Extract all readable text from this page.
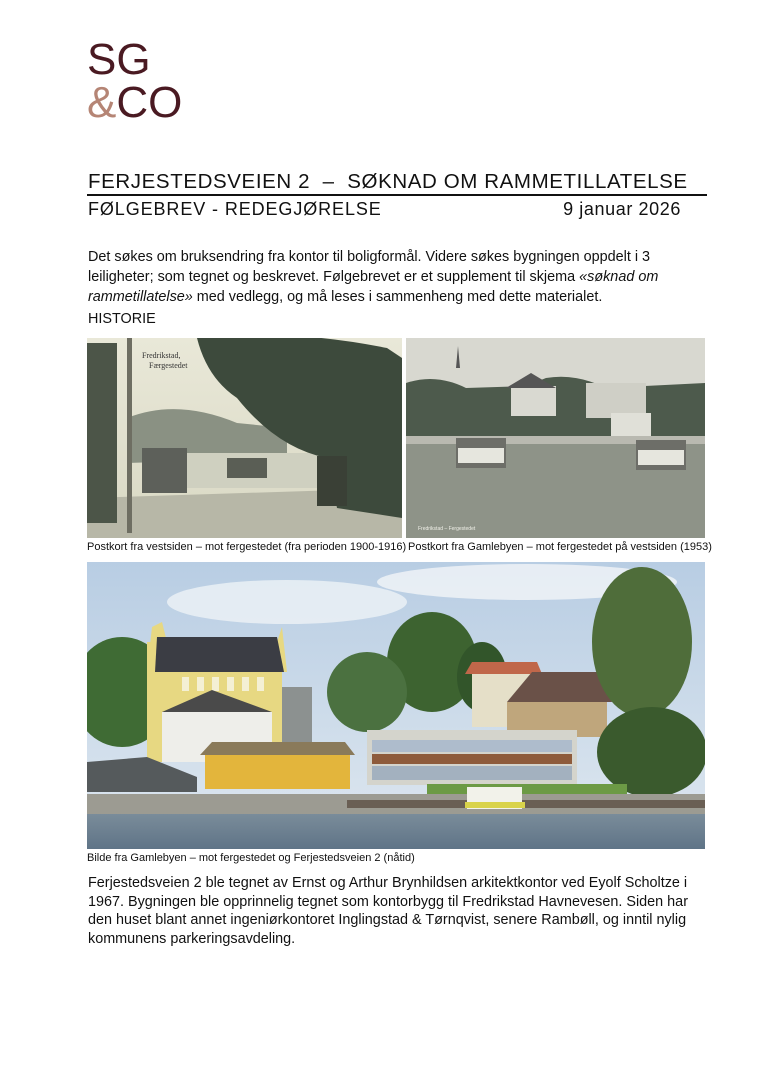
SG
&CO
FERJESTEDSVEIEN 2  –  SØKNAD OM RAMMETILLATELSE
FØLGEBREV - REDEGJØRELSE	9 januar 2026
Det søkes om bruksendring fra kontor til boligformål. Videre søkes bygningen oppdelt i 3 leiligheter; som tegnet og beskrevet. Følgebrevet er et supplement til skjema «søknad om rammetillatelse» med vedlegg, og må leses i sammenheng med dette materialet.
HISTORIE
Fredrikstad,
Færgestedet
Postkort fra vestsiden – mot fergestedet (fra perioden 1900-1916)
Fredrikstad – Fergestedet
Postkort fra Gamlebyen – mot fergestedet på vestsiden (1953)
Bilde fra Gamlebyen – mot fergestedet og Ferjestedsveien 2 (nåtid)
Ferjestedsveien 2 ble tegnet av Ernst og Arthur Brynhildsen arkitektkontor ved Eyolf Scholtze i 1967. Bygningen ble opprinnelig tegnet som kontorbygg til Fredrikstad Havnevesen. Siden har den huset blant annet ingeniørkontoret Inglingstad & Tørnqvist, senere Rambøll, og inntil nylig kommunens parkeringsavdeling.
